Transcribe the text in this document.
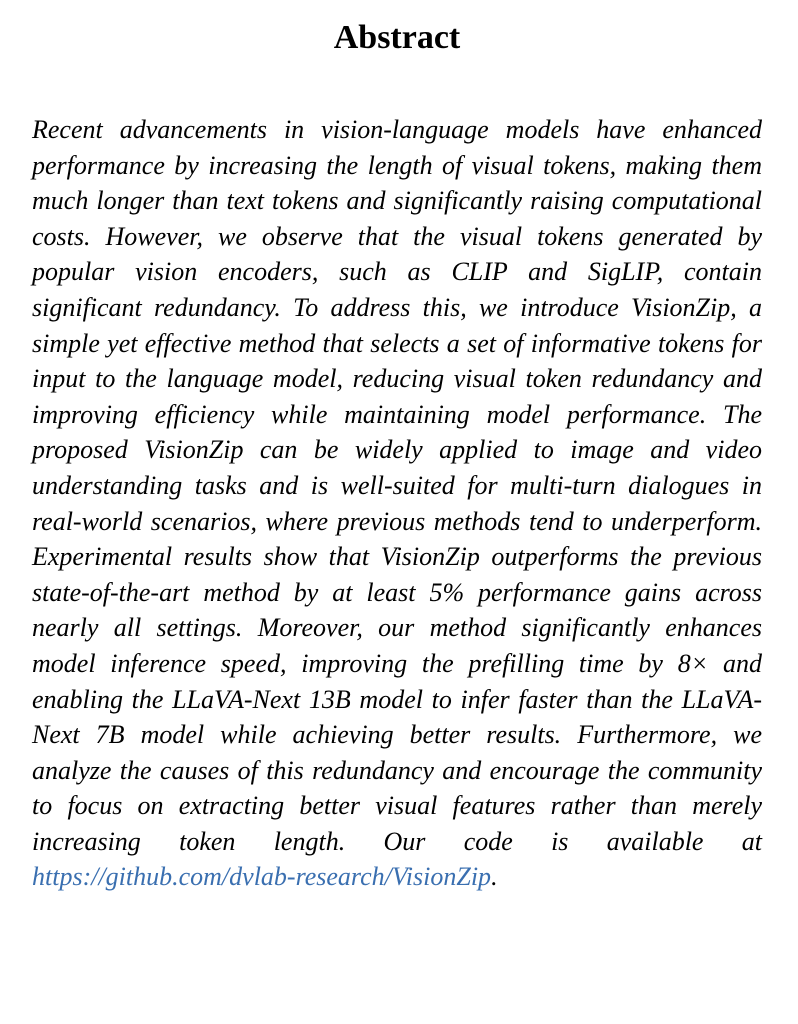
Abstract

Recent advancements in vision-language models have enhanced performance by increasing the length of visual tokens, making them much longer than text tokens and significantly raising computational costs. However, we observe that the visual tokens generated by popular vision encoders, such as CLIP and SigLIP, contain significant redundancy. To address this, we introduce VisionZip, a simple yet effective method that selects a set of informative tokens for input to the language model, reducing visual token redundancy and improving efficiency while maintaining model performance. The proposed VisionZip can be widely applied to image and video understanding tasks and is well-suited for multi-turn dialogues in real-world scenarios, where previous methods tend to underperform. Experimental results show that VisionZip outperforms the previous state-of-the-art method by at least 5% performance gains across nearly all settings. Moreover, our method significantly enhances model inference speed, improving the prefilling time by 8× and enabling the LLaVA-Next 13B model to infer faster than the LLaVA-Next 7B model while achieving better results. Furthermore, we analyze the causes of this redundancy and encourage the community to focus on extracting better visual features rather than merely increasing token length. Our code is available at https://github.com/dvlab-research/VisionZip.
